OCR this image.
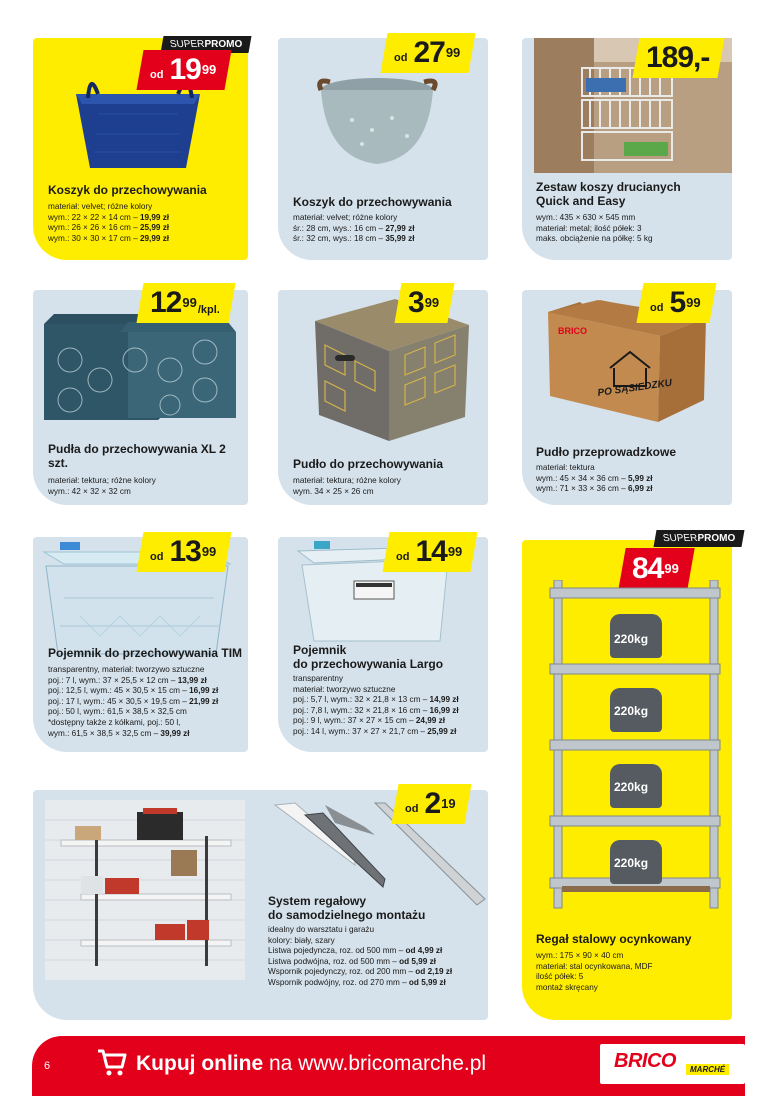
SUPERPROMO
od 19 99
Koszyk do przechowywania
materiał: velvet; różne kolory
wym.: 22 × 22 × 14 cm – 19,99 zł
wym.: 26 × 26 × 16 cm – 25,99 zł
wym.: 30 × 30 × 17 cm – 29,99 zł
od 27 99
Koszyk do przechowywania
materiał: velvet; różne kolory
śr.: 28 cm, wys.: 16 cm – 27,99 zł
śr.: 32 cm, wys.: 18 cm – 35,99 zł
189,-
Zestaw koszy drucianych Quick and Easy
wym.: 435 × 630 × 545 mm
materiał: metal; ilość półek: 3
maks. obciążenie na półkę: 5 kg
12 99 /kpl.
Pudła do przechowywania XL 2 szt.
materiał: tektura; różne kolory
wym.: 42 × 32 × 32 cm
3 99
Pudło do przechowywania
materiał: tektura; różne kolory
wym. 34 × 25 × 26 cm
BRICO
PO SĄSIEDZKU
od 5 99
Pudło przeprowadzkowe
materiał: tektura
wym.: 45 × 34 × 36 cm – 5,99 zł
wym.: 71 × 33 × 36 cm – 6,99 zł
od 13 99
Pojemnik do przechowywania TIM
transparentny, materiał: tworzywo sztuczne
poj.: 7 l, wym.: 37 × 25,5 × 12 cm – 13,99 zł
poj.: 12,5 l, wym.: 45 × 30,5 × 15 cm – 16,99 zł
poj.: 17 l, wym.: 45 × 30,5 × 19,5 cm – 21,99 zł
poj.: 50 l, wym.: 61,5 × 38,5 × 32,5 cm
*dostępny także z kółkami, poj.: 50 l,
wym.: 61,5 × 38,5 × 32,5 cm – 39,99 zł
od 14 99
Pojemnik
do przechowywania Largo
transparentny
materiał: tworzywo sztuczne
poj.: 5,7 l, wym.: 32 × 21,8 × 13 cm – 14,99 zł
poj.: 7,8 l, wym.: 32 × 21,8 × 16 cm – 16,99 zł
poj.: 9 l, wym.: 37 × 27 × 15 cm – 24,99 zł
poj.: 14 l, wym.: 37 × 27 × 21,7 cm – 25,99 zł
SUPERPROMO
84 99
220kg
220kg
220kg
220kg
Regał stalowy ocynkowany
wym.: 175 × 90 × 40 cm
materiał: stal ocynkowana, MDF
ilość półek: 5
montaż skręcany
od 2 19
System regałowy
do samodzielnego montażu
idealny do warsztatu i garażu
kolory: biały, szary
Listwa pojedyncza, roz. od 500 mm – od 4,99 zł
Listwa podwójna, roz. od 500 mm – od 5,99 zł
Wspornik pojedynczy, roz. od 200 mm – od 2,19 zł
Wspornik podwójny, roz. od 270 mm – od 5,99 zł
6	Kupuj online na www.bricomarche.pl	BRICO	MARCHÉ
